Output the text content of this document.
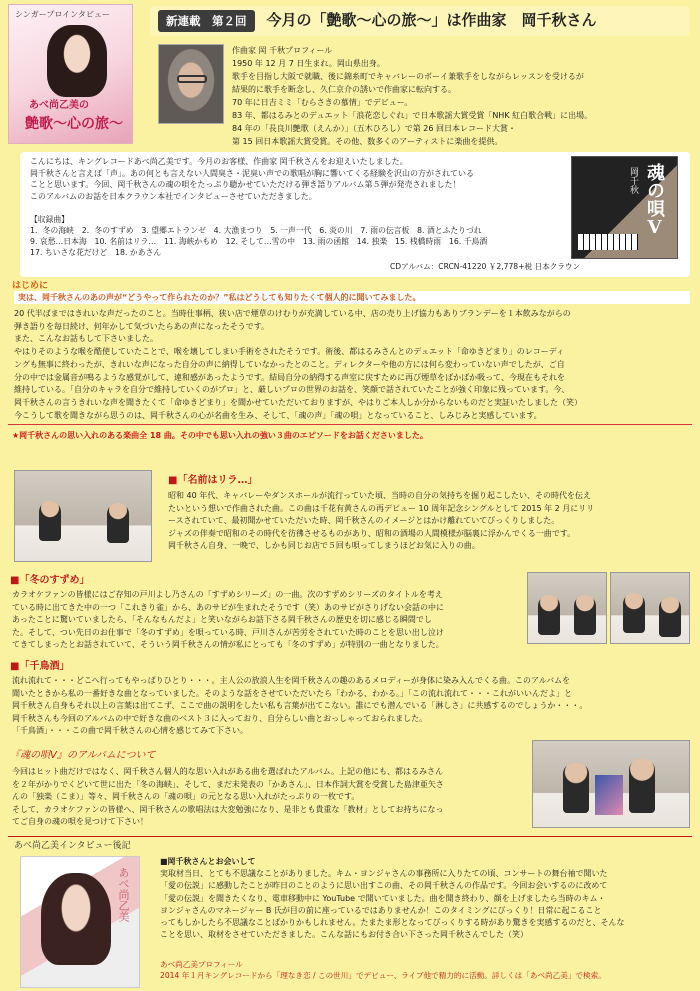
シンガープロインタビュー
あべ尚乙美の
艶歌〜心の旅〜
新連載　第２回	今月の「艶歌〜心の旅〜」は作曲家　岡千秋さん
作曲家 岡 千秋プロフィール
1950 年 12 月 7 日生まれ。岡山県出身。
歌手を目指し大阪で就職、後に錦糸町でキャバレーのボーイ兼歌手をしながらレッスンを受けるが
結果的に歌手を断念し、久仁京介の誘いで作曲家に転向する。
70 年に日吉ミミ「むらさきの慕情」でデビュー。
83 年、都はるみとのデュエット「浪花恋しぐれ」で日本歌謡大賞受賞「NHK 紅白歌合戦」に出場。
84 年の「長良川艶歌（えんか）」（五木ひろし）で第 26 回日本レコード大賞・
第 15 回日本歌謡大賞受賞。その他、数多くのアーティストに楽曲を提供。
こんにちは、キングレコードあべ尚乙美です。今月のお客様、作曲家 岡千秋さんをお迎えいたしました。
岡千秋さんと言えば「声」。あの何とも言えない人間臭さ・泥臭い声での歌唱が胸に響いてくる経験を沢山の方がされている
ことと思います。今回、岡千秋さんの魂の唄をたっぷり聴かせていただける弾き語りアルバム第５弾が発売されました！
このアルバムのお話を日本クラウン本社でインタビューさせていただきました。	魂の唄Ⅴ
岡千秋
【収録曲】
1．冬の海峡　2．冬のすずめ　3. 望郷エトランゼ　4. 大漁まつり　5. 一声一代　6. 炎の川　7. 雨の伝言板　8. 酒とふたりづれ
9. 哀愁…日本海　10. 名前はリラ…　11. 海峡かもめ　12. そして…雪の中　13. 雨の函館　14. 独楽　15. 桟橋時雨　16. 千鳥酒
17. ちいさな花だけど　18. かあさん
CDアルバム：CRCN-41220 ￥2,778+税 日本クラウン
はじめに
実は、岡千秋さんのあの声が“どうやって作られたのか？”私はどうしても知りたくて個人的に聞いてみました。
20 代半ばまではきれいな声だったのこと。当時仕事柄、狭い店で煙草のけむりが充満している中、店の売り上げ協力もありブランデーを１本飲みながらの
弾き語りを毎日続け、何年かして気づいたらあの声になったそうです。
また、こんなお話もして下さいました。
やはりそのような喉を酷使していたことで、喉を壊してしまい手術をされたそうです。術後、都はるみさんとのデュエット「命ゆきどまり」のレコーディ
ングも無事に終わったが、きれいな声になった自分の声に納得していなかったとのこと。ディレクターや他の方には何ら変わっていない声でしたが、ご自
分の中では金属音が鳴るような感覚がして、違和感があったようです。結局自分の納得する声室に戻すために再び煙草をばかばか吸って、今現在もそれを
維持している。「自分のキャラを自分で維持していくのがプロ」と、厳しいプロの世界のお話を、笑顔で話されていたことが強く印象に残っています。今、
岡千秋さんの言うきれいな声を聞きたくて「命ゆきどまり」を聞かせていただいておりますが、やはりご本人しか分からないものだと実証いたしました（笑）
今こうして歌を聞きながら思うのは、岡千秋さんの心が名曲を生み、そして、「魂の声」「魂の唄」となっていること、しみじみと実感しています。
★岡千秋さんの思い入れのある楽曲全 18 曲。その中でも思い入れの強い３曲のエピソードをお話くださいました。
■「名前はリラ…」
昭和 40 年代、キャバレーやダンスホールが流行っていた頃、当時の自分の気持ちを掘り起こしたい、その時代を伝え
たいという想いで作曲された曲。この曲は千花有黄さんの再デビュー 10 周年記念シングルとして 2015 年 2 月にリリ
ースされていて、最初聞かせていただいた時、岡千秋さんのイメージとはかけ離れていてびっくりしました。
ジャズの伴奏で昭和のその時代を彷彿させるものがあり、昭和の酒場の人間模様が脳裏に浮かんでくる一曲です。
岡千秋さん自身、一晩で、しかも同じお店で５回も唄ってしまうほどお気に入りの曲。
■「冬のすずめ」
カラオケファンの皆様にはご存知の戸川よし乃さんの「すずめシリーズ」の一曲。次のすずめシリーズのタイトルを考え
ている時に出てきた中の一つ「これきり雀」から、あのサビが生まれたそうです（笑）あのサビがさりげない会話の中に
あったことに驚いていましたら、「そんなもんだよ」と笑いながらお話下さる岡千秋さんの歴史を切に感じる瞬間でし
た。そして、つい先日のお仕事で「冬のすずめ」を唄っている時、戸川さんが苦労をされていた時のことを思い出し泣け
てきてしまったとお話されていて、そういう岡千秋さんの情が私にとっても「冬のすずめ」が特別の一曲となりました。
■「千鳥酒」
流れ流れて・・・どこへ行ってもやっぱりひとり・・・。主人公の放浪人生を岡千秋さんの趣のあるメロディーが身体に染み入んでくる曲。このアルバムを
聞いたときから私の一番好きな曲となっていました。そのような話をさせていただいたら「わかる、わかる。」「この流れ流れて・・・これがいいんだよ」と
岡千秋さん自身もそれ以上の言葉は出てこず、ここで曲の説明をしたい私も言葉が出てこない。誰にでも潜んでいる「淋しさ」に共感するのでしょうか・・・。
岡千秋さんも今回のアルバムの中で好きな曲のベスト３に入っており、自分らしい曲とおっしゃっておられました。
「千鳥酒」・・・この曲で岡千秋さんの心情を感じてみて下さい。
『魂の唄Ⅴ』のアルバムについて
今回はヒット曲だけではなく、岡千秋さん個人的な思い入れがある曲を選ばれたアルバム。上記の他にも、都はるみさん
を２年がかりでくどいて世に出た「冬の海峡」、そして、まだ未発表の「かあさん」、日本作詞大賞を受賞した島津亜矢さ
んの「独楽（こま）」等々、岡千秋さんの「魂の唄」の元となる思い入れがたっぷりの一枚です。
そして、カラオケファンの皆様へ、岡千秋さんの歌唱法は大変勉強になり、是非とも貴重な「教材」としてお持ちになっ
てご自身の魂の唄を見つけて下さい！
あべ尚乙美インタビュー後記
あべ尚乙美
■岡千秋さんとお会いして
実取材当日、とても不思議なことがありました。キム・ヨンジャさんの事務所に入りたての頃、コンサートの舞台袖で聞いた
「愛の伝説」に感動したことが昨日のことのように思い出すこの曲、その岡千秋さんの作品です。今回お会いするのに改めて
「愛の伝説」を聞きたくなり、電車移動中に YouTube で聞いていました。曲を聞き終わり、顔を上げましたら当時のキム・
ヨンジャさんのマネージャー B 氏が目の前に座っているではありませんか！このタイミングにびっくり！日常に起こること
ってもしかしたら不思議なことばかりかもしれません。たまたま形となってびっくりする時があり驚きを実感するのだと、そんな
ことを思い、取材をさせていただきました。こんな話にもお付き合い下さった岡千秋さんでした（笑）
あべ尚乙美プロフィール
2014 年１月キングレコードから「理なき恋 / この世川」でデビュー、ライブ他で精力的に活動。詳しくは「あべ尚乙美」で検索。
